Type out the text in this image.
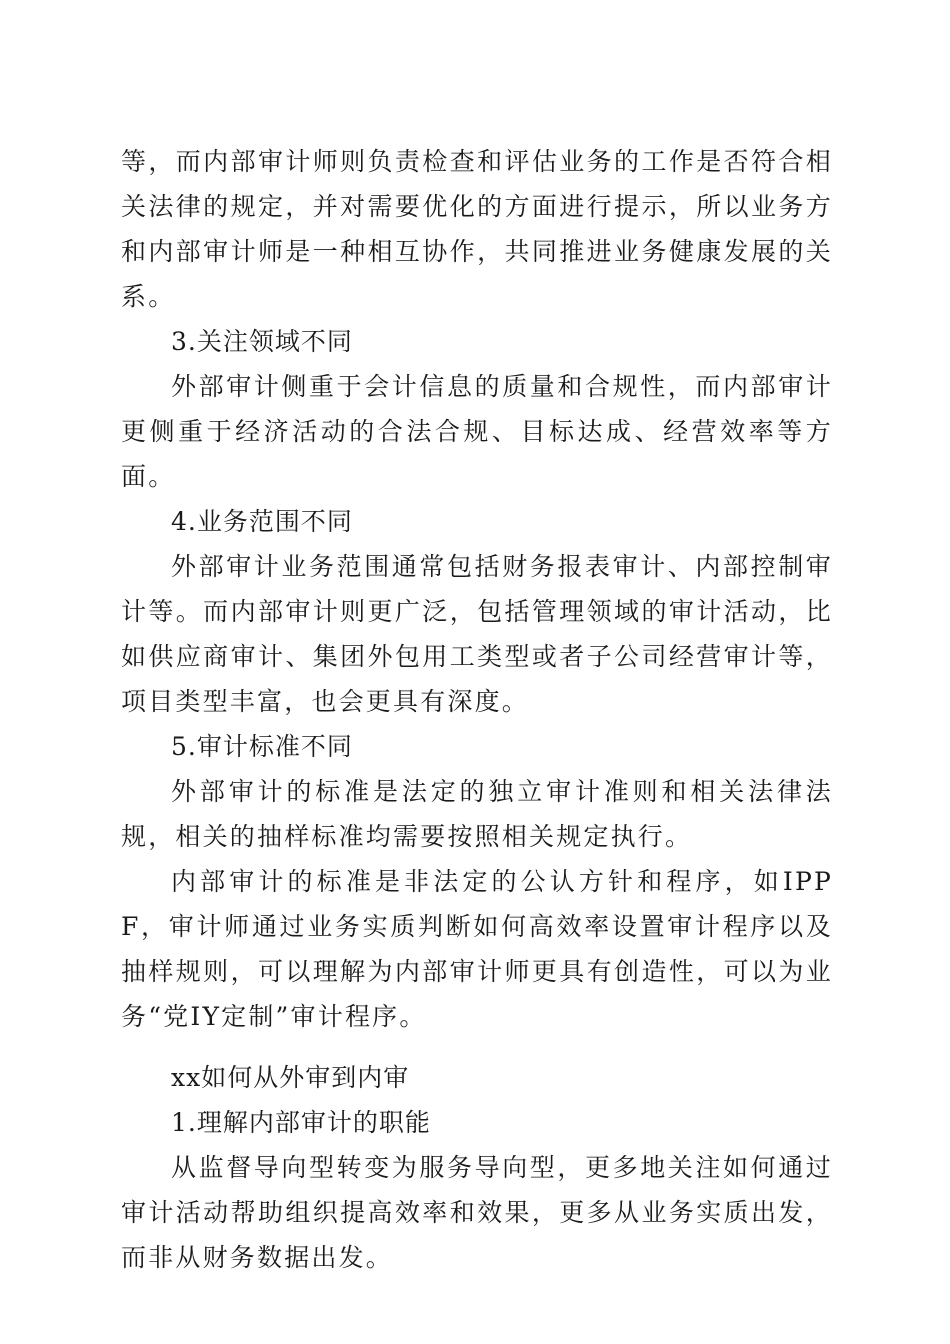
等，而内部审计师则负责检查和评估业务的工作是否符合相关法律的规定，并对需要优化的方面进行提示，所以业务方和内部审计师是一种相互协作，共同推进业务健康发展的关系。

3.关注领域不同

外部审计侧重于会计信息的质量和合规性，而内部审计更侧重于经济活动的合法合规、目标达成、经营效率等方面。

4.业务范围不同

外部审计业务范围通常包括财务报表审计、内部控制审计等。而内部审计则更广泛，包括管理领域的审计活动，比如供应商审计、集团外包用工类型或者子公司经营审计等，项目类型丰富，也会更具有深度。

5.审计标准不同

外部审计的标准是法定的独立审计准则和相关法律法规，相关的抽样标准均需要按照相关规定执行。

内部审计的标准是非法定的公认方针和程序，如IPPF，审计师通过业务实质判断如何高效率设置审计程序以及抽样规则，可以理解为内部审计师更具有创造性，可以为业务“党IY定制”审计程序。

xx如何从外审到内审

1.理解内部审计的职能

从监督导向型转变为服务导向型，更多地关注如何通过审计活动帮助组织提高效率和效果，更多从业务实质出发，而非从财务数据出发。
